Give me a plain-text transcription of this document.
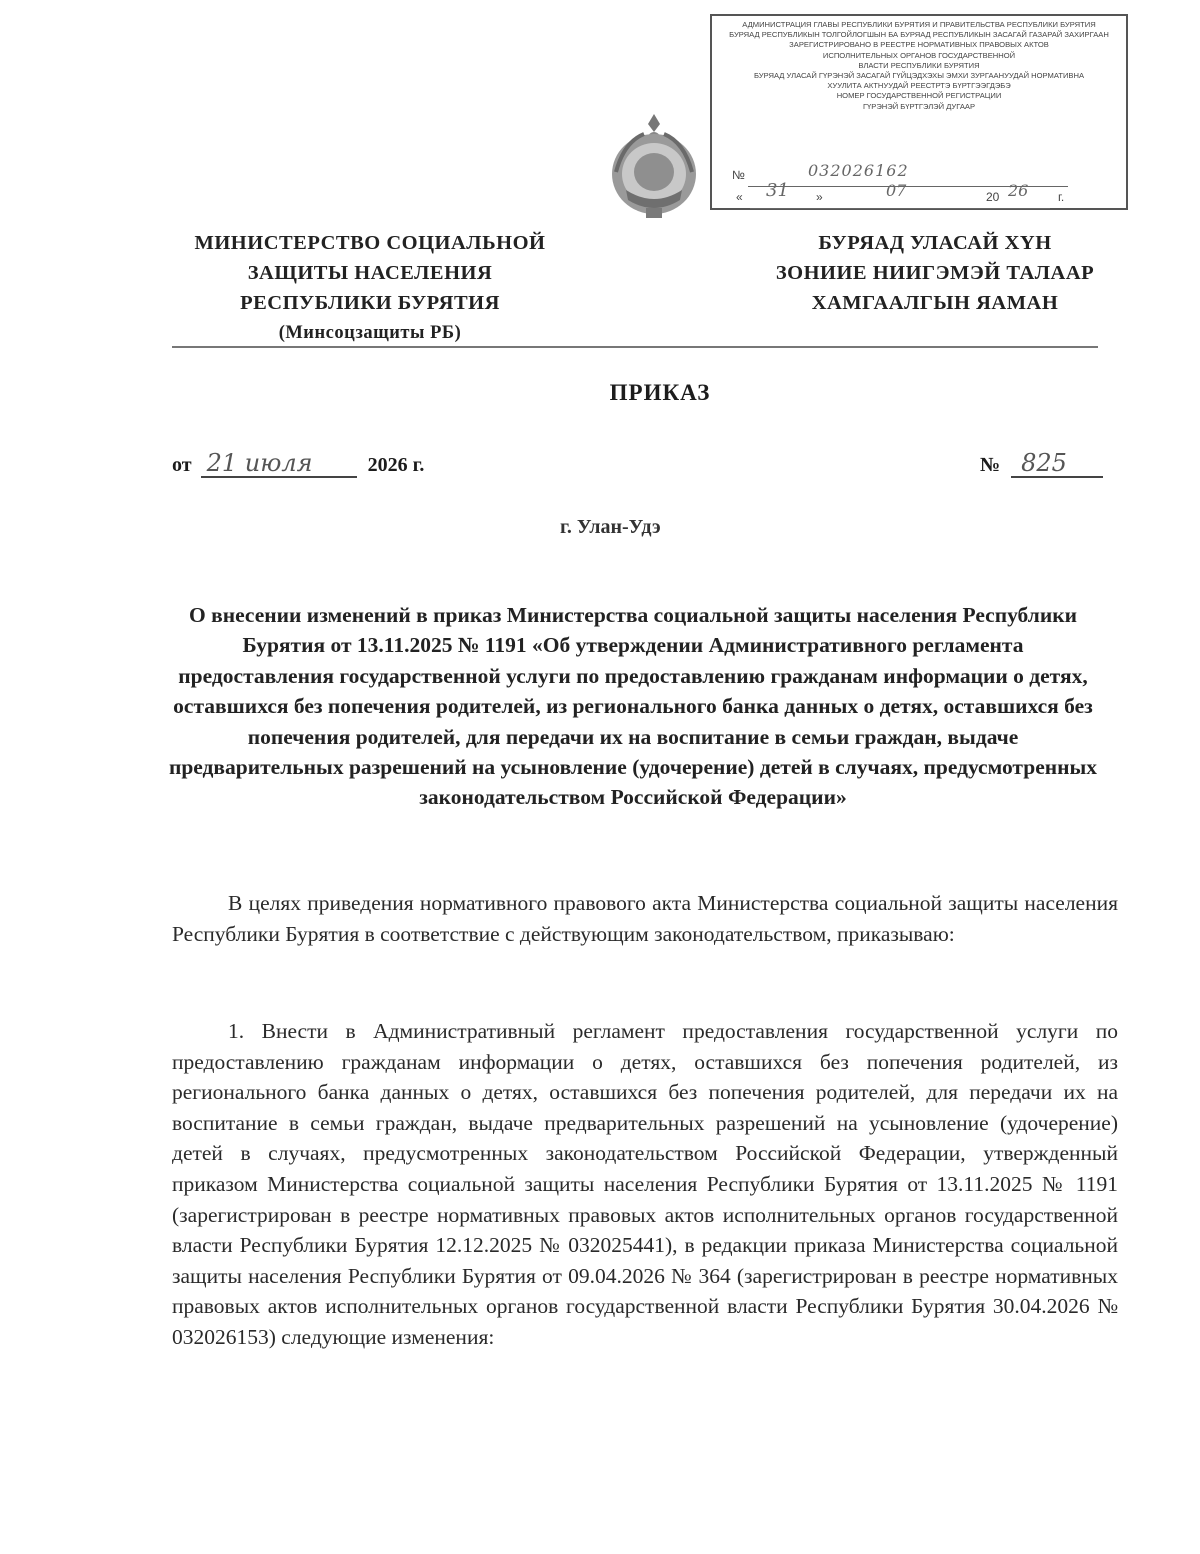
АДМИНИСТРАЦИЯ ГЛАВЫ РЕСПУБЛИКИ БУРЯТИЯ И ПРАВИТЕЛЬСТВА РЕСПУБЛИКИ БУРЯТИЯ
БУРЯАД РЕСПУБЛИКЫН ТОЛГОЙЛОГШЫН БА БУРЯАД РЕСПУБЛИКЫН ЗАСАГАЙ ГАЗАРАЙ ЗАХИРГААН
ЗАРЕГИСТРИРОВАНО В РЕЕСТРЕ НОРМАТИВНЫХ ПРАВОВЫХ АКТОВ
ИСПОЛНИТЕЛЬНЫХ ОРГАНОВ ГОСУДАРСТВЕННОЙ
ВЛАСТИ РЕСПУБЛИКИ БУРЯТИЯ
БУРЯАД УЛАСАЙ ГҮРЭНЭЙ ЗАСАГАЙ ГҮЙЦЭДХЭХЫ ЭМХИ ЗУРГААНУУДАЙ НОРМАТИВНА
ХУУЛИТА АКТНУУДАЙ РЕЕСТРТЭ БҮРТГЭЭГДЭБЭ
НОМЕР ГОСУДАРСТВЕННОЙ РЕГИСТРАЦИИ
ГҮРЭНЭЙ БҮРТГЭЛЭЙ ДУГААР
№	032026162
« 31 »	07	20 26 г.
МИНИСТЕРСТВО СОЦИАЛЬНОЙ
ЗАЩИТЫ НАСЕЛЕНИЯ
РЕСПУБЛИКИ БУРЯТИЯ
(Минсоцзащиты РБ)
БУРЯАД УЛАСАЙ ХҮН
ЗОНИИЕ НИИГЭМЭЙ ТАЛААР
ХАМГААЛГЫН ЯАМАН
ПРИКАЗ
от 21 июля	2026 г.	№ 825
г. Улан-Удэ
О внесении изменений в приказ Министерства социальной защиты населения Республики Бурятия от 13.11.2025 № 1191 «Об утверждении Административного регламента предоставления государственной услуги по предоставлению гражданам информации о детях, оставшихся без попечения родителей, из регионального банка данных о детях, оставшихся без попечения родителей, для передачи их на воспитание в семьи граждан, выдаче предварительных разрешений на усыновление (удочерение) детей в случаях, предусмотренных законодательством Российской Федерации»
В целях приведения нормативного правового акта Министерства социальной защиты населения Республики Бурятия в соответствие с действующим законодательством, приказываю:
1. Внести в Административный регламент предоставления государственной услуги по предоставлению гражданам информации о детях, оставшихся без попечения родителей, из регионального банка данных о детях, оставшихся без попечения родителей, для передачи их на воспитание в семьи граждан, выдаче предварительных разрешений на усыновление (удочерение) детей в случаях, предусмотренных законодательством Российской Федерации, утвержденный приказом Министерства социальной защиты населения Республики Бурятия от 13.11.2025 № 1191 (зарегистрирован в реестре нормативных правовых актов исполнительных органов государственной власти Республики Бурятия 12.12.2025 № 032025441), в редакции приказа Министерства социальной защиты населения Республики Бурятия от 09.04.2026 № 364 (зарегистрирован в реестре нормативных правовых актов исполнительных органов государственной власти Республики Бурятия 30.04.2026 № 032026153) следующие изменения:
